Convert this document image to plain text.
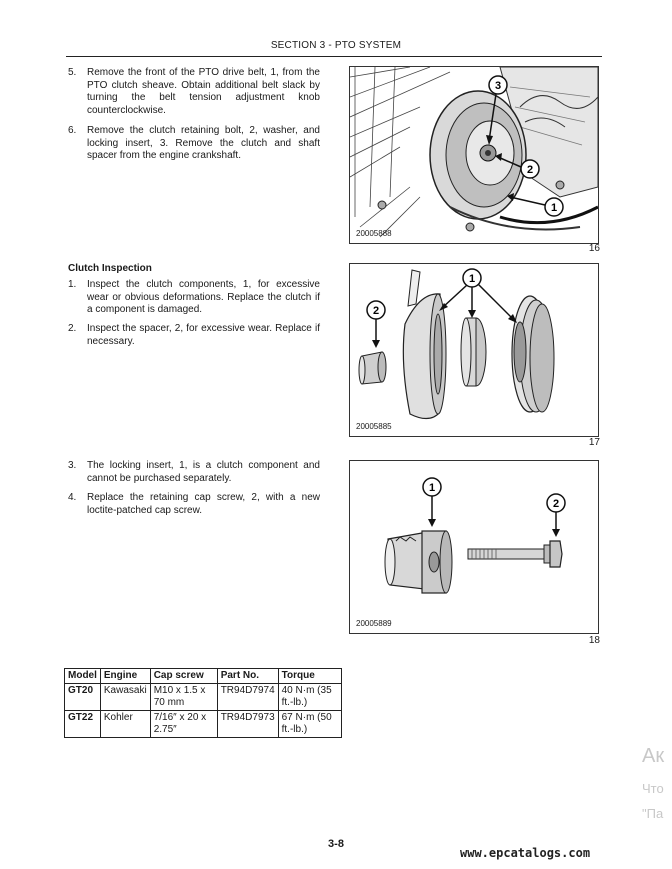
SECTION 3 - PTO SYSTEM
5. Remove the front of the PTO drive belt, 1, from the PTO clutch sheave. Obtain additional belt slack by turning the belt tension adjustment knob counterclockwise.
6. Remove the clutch retaining bolt, 2, washer, and locking insert, 3. Remove the clutch and shaft spacer from the engine crankshaft.
Clutch Inspection
1. Inspect the clutch components, 1, for excessive wear or obvious deformations. Replace the clutch if a component is damaged.
2. Inspect the spacer, 2, for excessive wear. Replace if necessary.
3. The locking insert, 1, is a clutch component and cannot be purchased separately.
4. Replace the retaining cap screw, 2, with a new loctite-patched cap screw.
3
2
1
20005888
16
1
2
20005885
17
1
2
20005889
18
Model	Engine	Cap screw	Part No.	Torque
GT20	Kawasaki	M10 x 1.5 x 70 mm	TR94D7974	40 N·m (35 ft.-lb.)
GT22	Kohler	7/16″ x 20 x 2.75″	TR94D7973	67 N·m (50 ft.-lb.)
Ак
Что
"Па
3-8
www.epcatalogs.com
